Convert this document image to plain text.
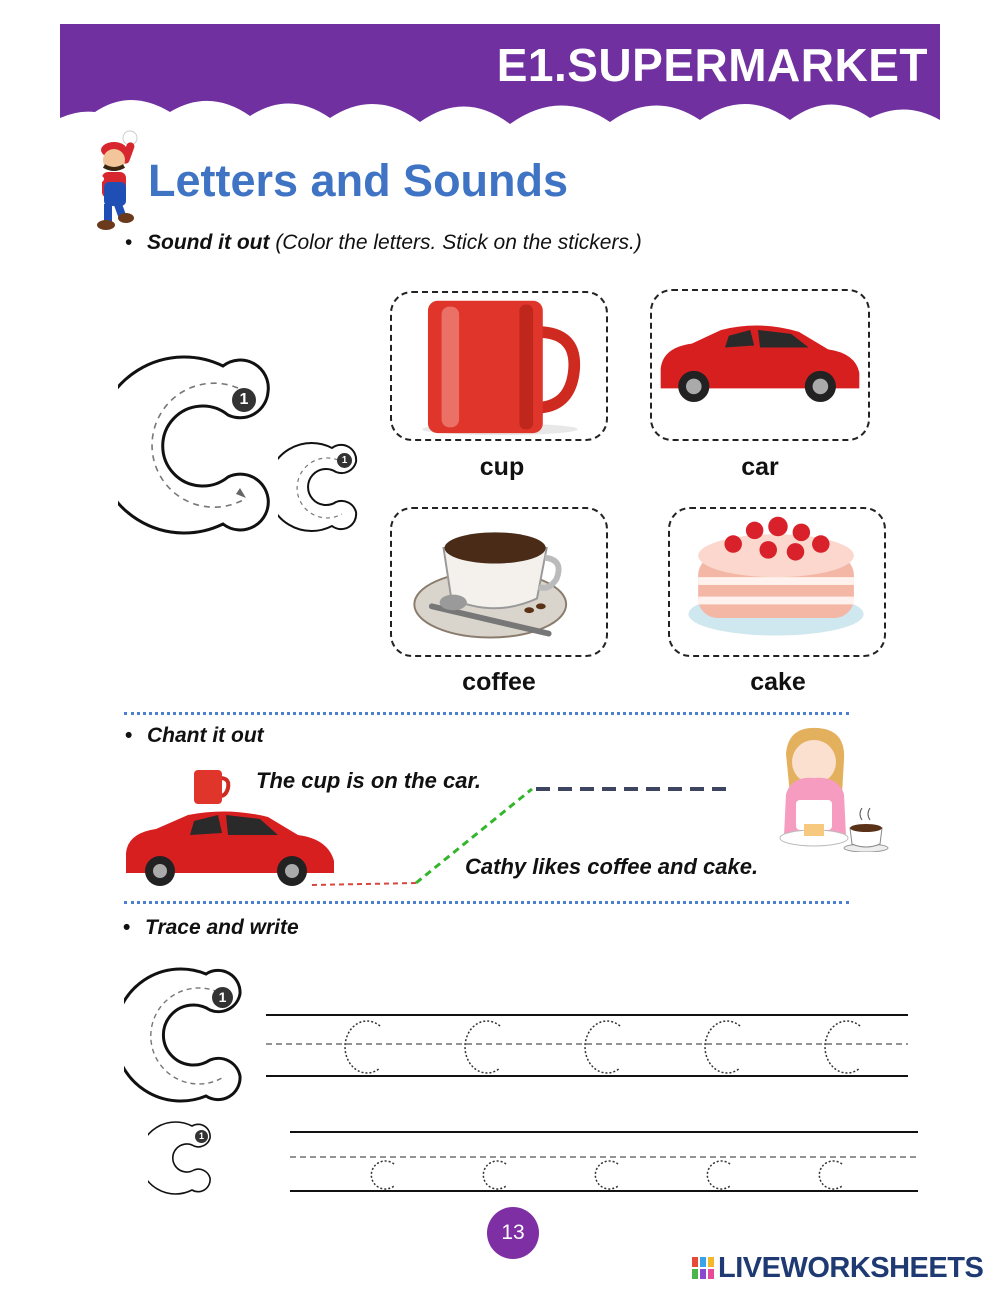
E1.SUPERMARKET
Letters and Sounds
• Sound it out (Color the letters. Stick on the stickers.)
1
1	cup	car
coffee	cake
• Chant it out
The cup is on the car.
Cathy likes coffee and cake.
• Trace and write
1
1
13
LIVEWORKSHEETS
